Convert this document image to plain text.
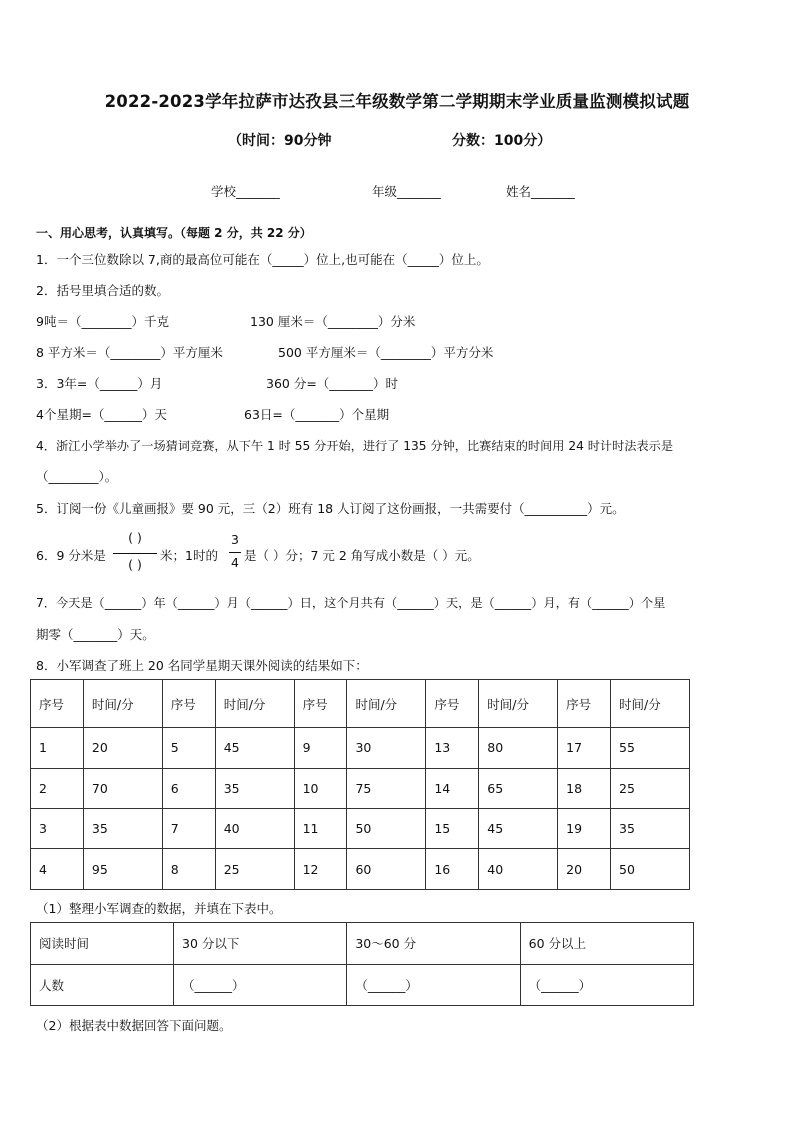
2022-2023学年拉萨市达孜县三年级数学第二学期期末学业质量监测模拟试题
（时间：90分钟	分数：100分）
学校_______	年级_______	姓名_______
一、用心思考，认真填写。（每题 2 分，共 22 分）
1．一个三位数除以 7,商的最高位可能在（_____）位上,也可能在（_____）位上。
2．括号里填合适的数。
9吨＝（________）千克	130 厘米＝（________）分米
8 平方米＝（________）平方厘米	500 平方厘米＝（________）平方分米
3．3年=（______）月	360 分=（_______）时
4个星期=（______）天	63日=（_______）个星期
4．浙江小学举办了一场猜词竞赛，从下午 1 时 55 分开始，进行了 135 分钟，比赛结束的时间用 24 时计时法表示是
（________）。
5．订阅一份《儿童画报》要 90 元，三（2）班有 18 人订阅了这份画报，一共需要付（__________）元。
6．9 分米是
( )
( )
米；1时的
3
4 是（ ）分；7 元 2 角写成小数是（ ）元。
7．今天是（______）年（______）月（______）日，这个月共有（______）天，是（______）月，有（______）个星
期零（_______）天。
8．小军调查了班上 20 名同学星期天课外阅读的结果如下：
序号	时间/分	序号	时间/分	序号	时间/分	序号	时间/分	序号	时间/分
1	20	5	45	9	30	13	80	17	55
2	70	6	35	10	75	14	65	18	25
3	35	7	40	11	50	15	45	19	35
4	95	8	25	12	60	16	40	20	50
（1）整理小军调查的数据，并填在下表中。
阅读时间	30 分以下	30～60 分	60 分以上
人数	（______）	（______）	（______）
（2）根据表中数据回答下面问题。
